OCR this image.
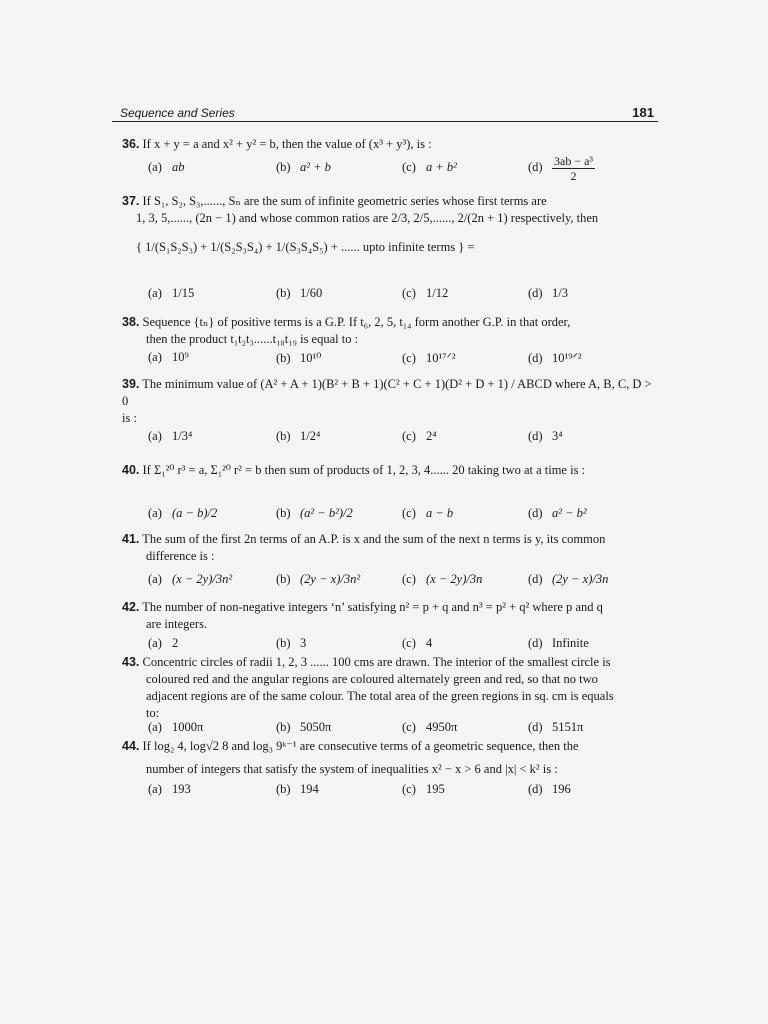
Sequence and Series	181
36. If x + y = a and x² + y² = b, then the value of (x³ + y³), is :
(a) ab	(b) a² + b	(c) a + b²	$(d) \frac{\text{3ab − a³}}{2}$
37. If S₁, S₂, S₃,......, Sₙ are the sum of infinite geometric series whose first terms are
1, 3, 5,......, (2n − 1) and whose common ratios are 2/3, 2/5,......, 2/(2n + 1) respectively, then
{ 1/(S₁S₂S₃) + 1/(S₂S₃S₄) + 1/(S₃S₄S₅) + ...... upto infinite terms } =
(a) 1/15	(b) 1/60	(c) 1/12	(d) 1/3
38. Sequence {tₙ} of positive terms is a G.P. If t₆, 2, 5, t₁₄ form another G.P. in that order,
then the product t₁t₂t₃......t₁₈t₁₉ is equal to :
(a) 10⁹	(b) 10¹⁰	(c) 10¹⁷ᐟ²	(d) 10¹⁹ᐟ²
39. The minimum value of (A² + A + 1)(B² + B + 1)(C² + C + 1)(D² + D + 1) / ABCD where A, B, C, D > 0
is :
(a) 1/3⁴	(b) 1/2⁴	(c) 2⁴	(d) 3⁴
40. If Σ₁²⁰ r³ = a, Σ₁²⁰ r² = b then sum of products of 1, 2, 3, 4...... 20 taking two at a time is :
(a) (a − b)/2	(b) (a² − b²)/2	(c) a − b	(d) a² − b²
41. The sum of the first 2n terms of an A.P. is x and the sum of the next n terms is y, its common
difference is :
(a) (x − 2y)/3n²	(b) (2y − x)/3n²	(c) (x − 2y)/3n	(d) (2y − x)/3n
42. The number of non-negative integers ‘n’ satisfying n² = p + q and n³ = p² + q² where p and q
are integers.
(a) 2	(b) 3	(c) 4	(d) Infinite
43. Concentric circles of radii 1, 2, 3 ...... 100 cms are drawn. The interior of the smallest circle is
coloured red and the angular regions are coloured alternately green and red, so that no two
adjacent regions are of the same colour. The total area of the green regions in sq. cm is equals
to:
(a) 1000π	(b) 5050π	(c) 4950π	(d) 5151π
44. If log₂ 4, log√2 8 and log₃ 9ᵏ⁻¹ are consecutive terms of a geometric sequence, then the
number of integers that satisfy the system of inequalities x² − x > 6 and |x| < k² is :
(a) 193	(b) 194	(c) 195	(d) 196
